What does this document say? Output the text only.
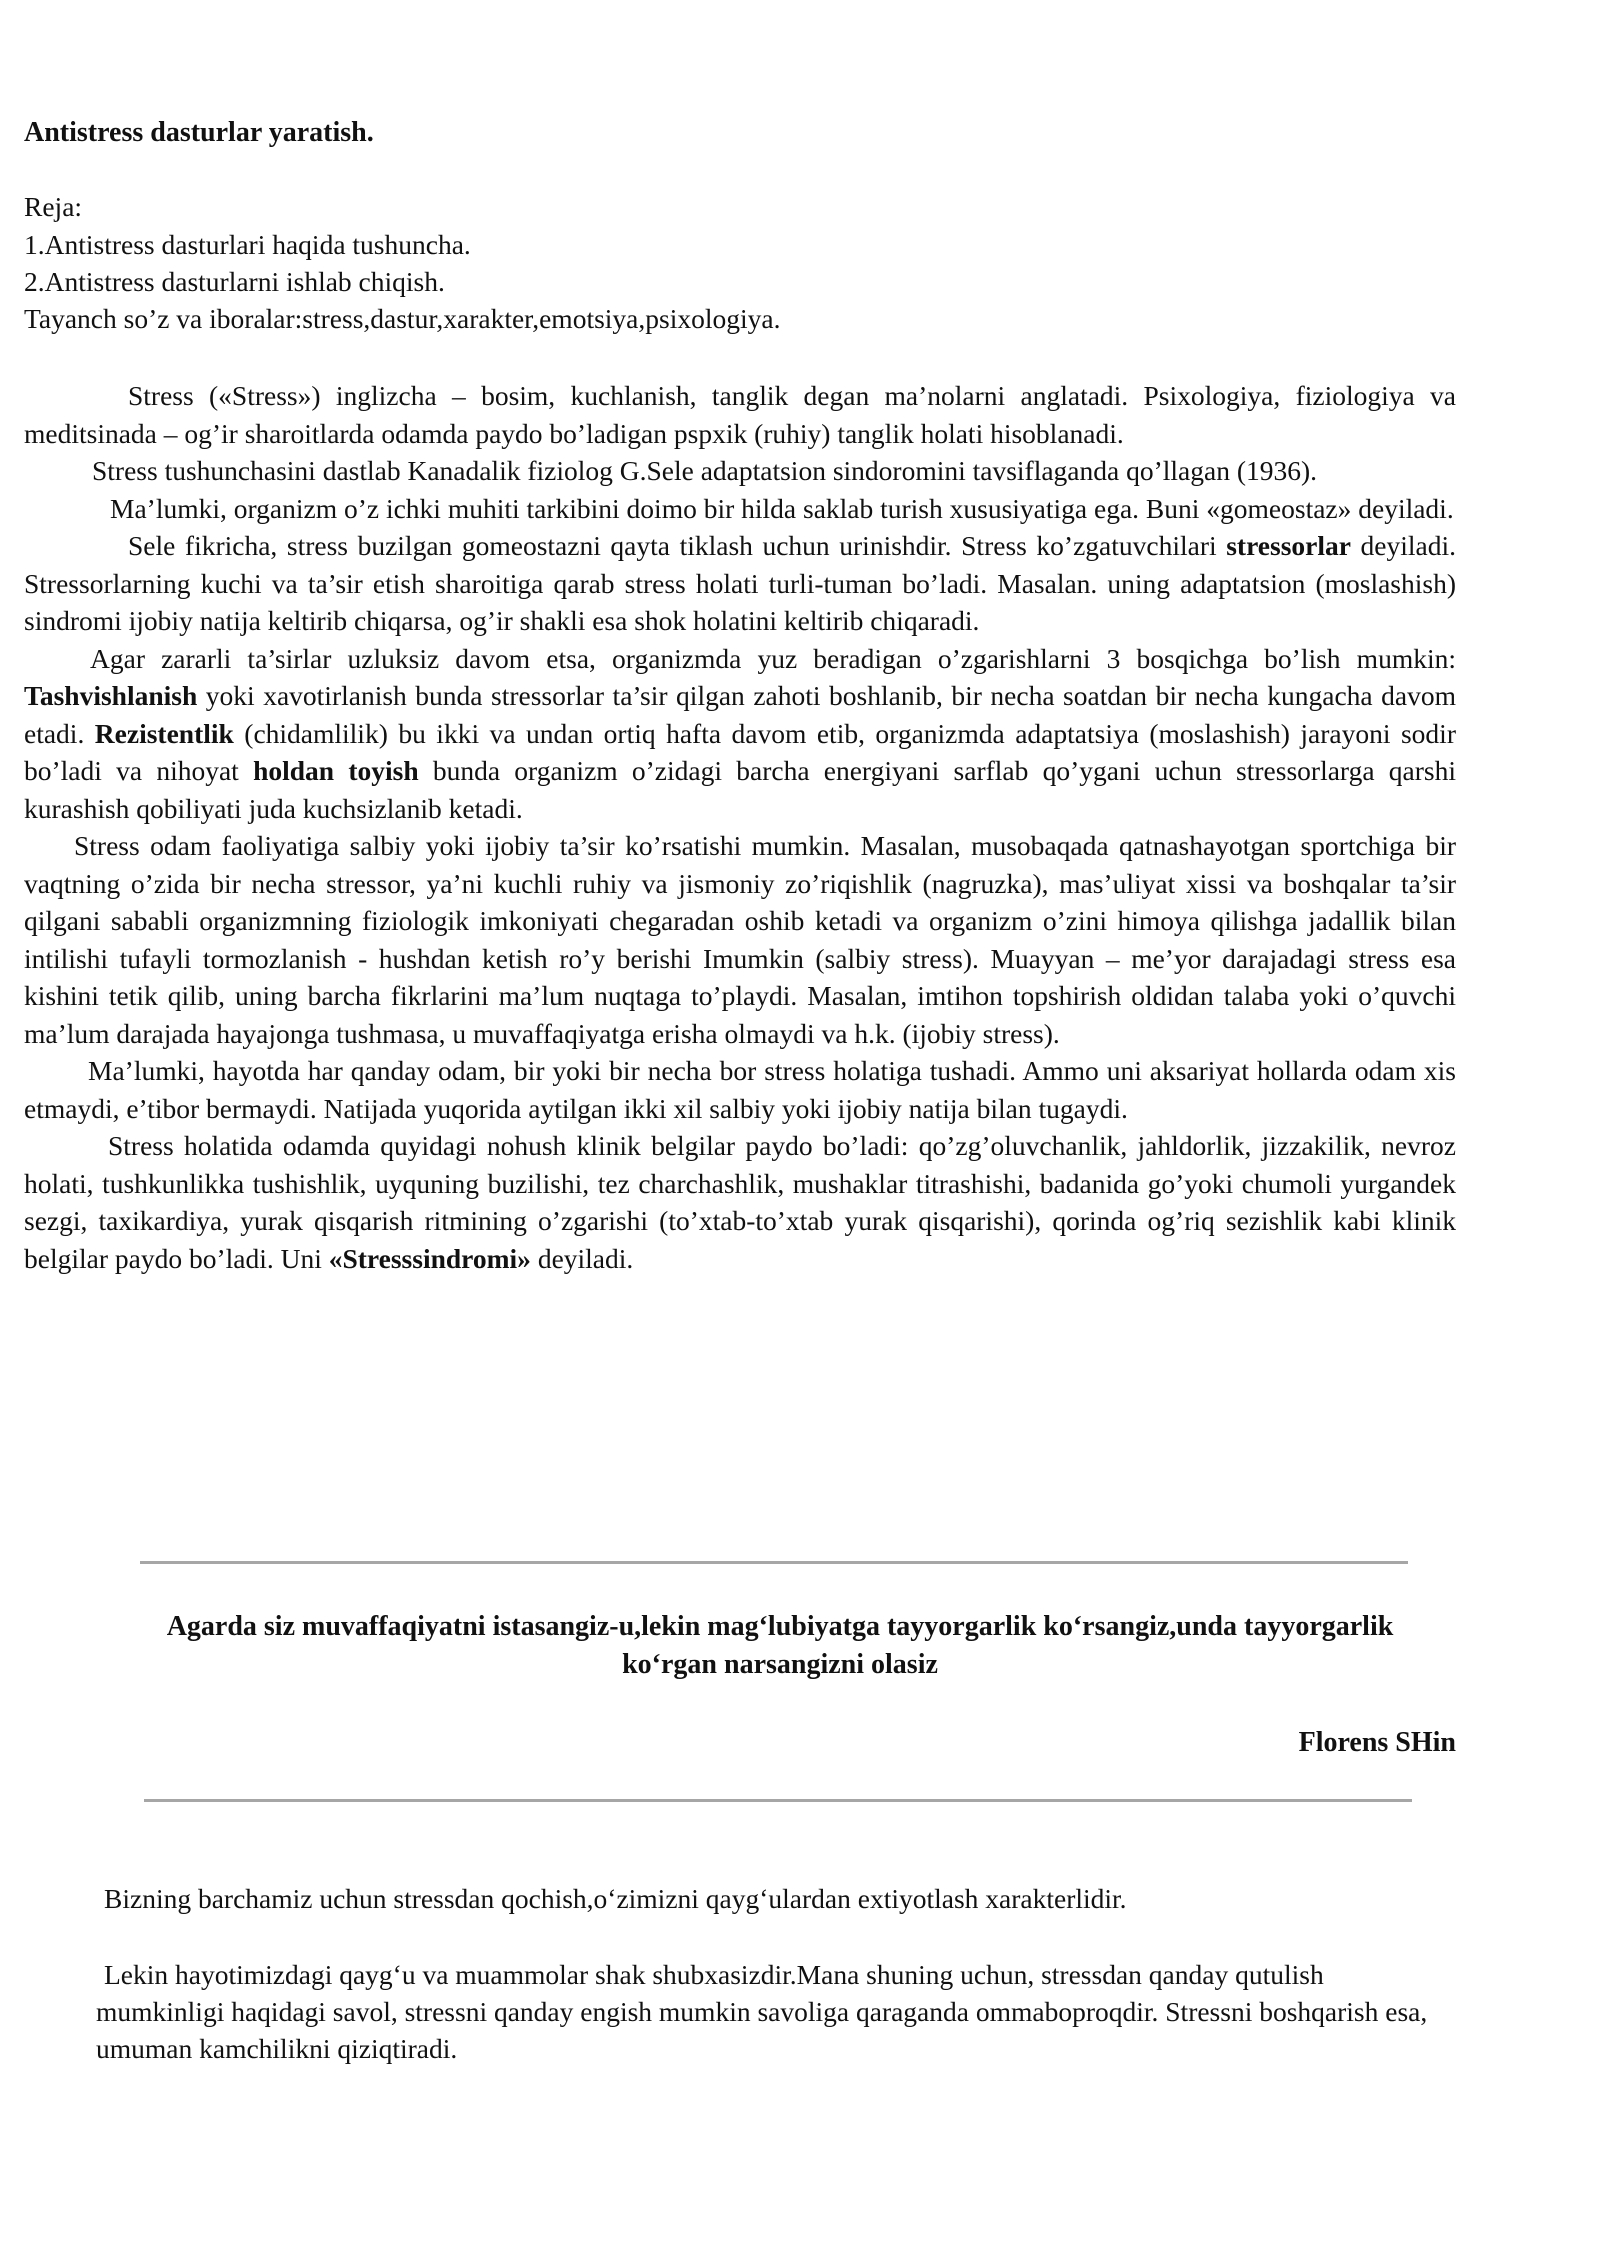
Antistress dasturlar yaratish.
Reja:
1.Antistress dasturlari haqida tushuncha.
2.Antistress dasturlarni ishlab chiqish.
Tayanch so’z va iboralar:stress,dastur,xarakter,emotsiya,psixologiya.

Stress («Stress») inglizcha – bosim, kuchlanish, tanglik degan ma’nolarni anglatadi. Psixologiya, fiziologiya va meditsinada – og’ir sharoitlarda odamda paydo bo’ladigan pspxik (ruhiy) tanglik holati hisoblanadi.

Stress tushunchasini dastlab Kanadalik fiziolog G.Sele adaptatsion sindoromini tavsiflaganda qo’llagan (1936).

Ma’lumki, organizm o’z ichki muhiti tarkibini doimo bir hilda saklab turish xususiyatiga ega. Buni «gomeostaz» deyiladi.

Sele fikricha, stress buzilgan gomeostazni qayta tiklash uchun urinishdir. Stress ko’zgatuvchilari stressorlar deyiladi. Stressorlarning kuchi va ta’sir etish sharoitiga qarab stress holati turli-tuman bo’ladi. Masalan. uning adaptatsion (moslashish) sindromi ijobiy natija keltirib chiqarsa, og’ir shakli esa shok holatini keltirib chiqaradi.

Agar zararli ta’sirlar uzluksiz davom etsa, organizmda yuz beradigan o’zgarishlarni 3 bosqichga bo’lish mumkin: Tashvishlanish yoki xavotirlanish bunda stressorlar ta’sir qilgan zahoti boshlanib, bir necha soatdan bir necha kungacha davom etadi. Rezistentlik (chidamlilik) bu ikki va undan ortiq hafta davom etib, organizmda adaptatsiya (moslashish) jarayoni sodir bo’ladi va nihoyat holdan toyish bunda organizm o’zidagi barcha energiyani sarflab qo’ygani uchun stressorlarga qarshi kurashish qobiliyati juda kuchsizlanib ketadi.

Stress odam faoliyatiga salbiy yoki ijobiy ta’sir ko’rsatishi mumkin. Masalan, musobaqada qatnashayotgan sportchiga bir vaqtning o’zida bir necha stressor, ya’ni kuchli ruhiy va jismoniy zo’riqishlik (nagruzka), mas’uliyat xissi va boshqalar ta’sir qilgani sababli organizmning fiziologik imkoniyati chegaradan oshib ketadi va organizm o’zini himoya qilishga jadallik bilan intilishi tufayli tormozlanish - hushdan ketish ro’y berishi Imumkin (salbiy stress). Muayyan – me’yor darajadagi stress esa kishini tetik qilib, uning barcha fikrlarini ma’lum nuqtaga to’playdi. Masalan, imtihon topshirish oldidan talaba yoki o’quvchi ma’lum darajada hayajonga tushmasa, u muvaffaqiyatga erisha olmaydi va h.k. (ijobiy stress).

Ma’lumki, hayotda har qanday odam, bir yoki bir necha bor stress holatiga tushadi. Ammo uni aksariyat hollarda odam xis etmaydi, e’tibor bermaydi. Natijada yuqorida aytilgan ikki xil salbiy yoki ijobiy natija bilan tugaydi.

Stress holatida odamda quyidagi nohush klinik belgilar paydo bo’ladi: qo’zg’oluvchanlik, jahldorlik, jizzakilik, nevroz holati, tushkunlikka tushishlik, uyquning buzilishi, tez charchashlik, mushaklar titrashishi, badanida go’yoki chumoli yurgandek sezgi, taxikardiya, yurak qisqarish ritmining o’zgarishi (to’xtab-to’xtab yurak qisqarishi), qorinda og’riq sezishlik kabi klinik belgilar paydo bo’ladi. Uni «Stresssindromi» deyiladi.

Agarda siz muvaffaqiyatni istasangiz-u,lekin mag‘lubiyatga tayyorgarlik ko‘rsangiz,unda tayyorgarlik ko‘rgan narsangizni olasiz
Florens SHin
Bizning barchamiz uchun stressdan qochish,o‘zimizni qayg‘ulardan extiyotlash xarakterlidir.
Lekin hayotimizdagi qayg‘u va muammolar shak shubxasizdir.Mana shuning uchun, stressdan qanday qutulish mumkinligi haqidagi savol, stressni qanday engish mumkin savoliga qaraganda ommaboproqdir. Stressni boshqarish esa, umuman kamchilikni qiziqtiradi.
